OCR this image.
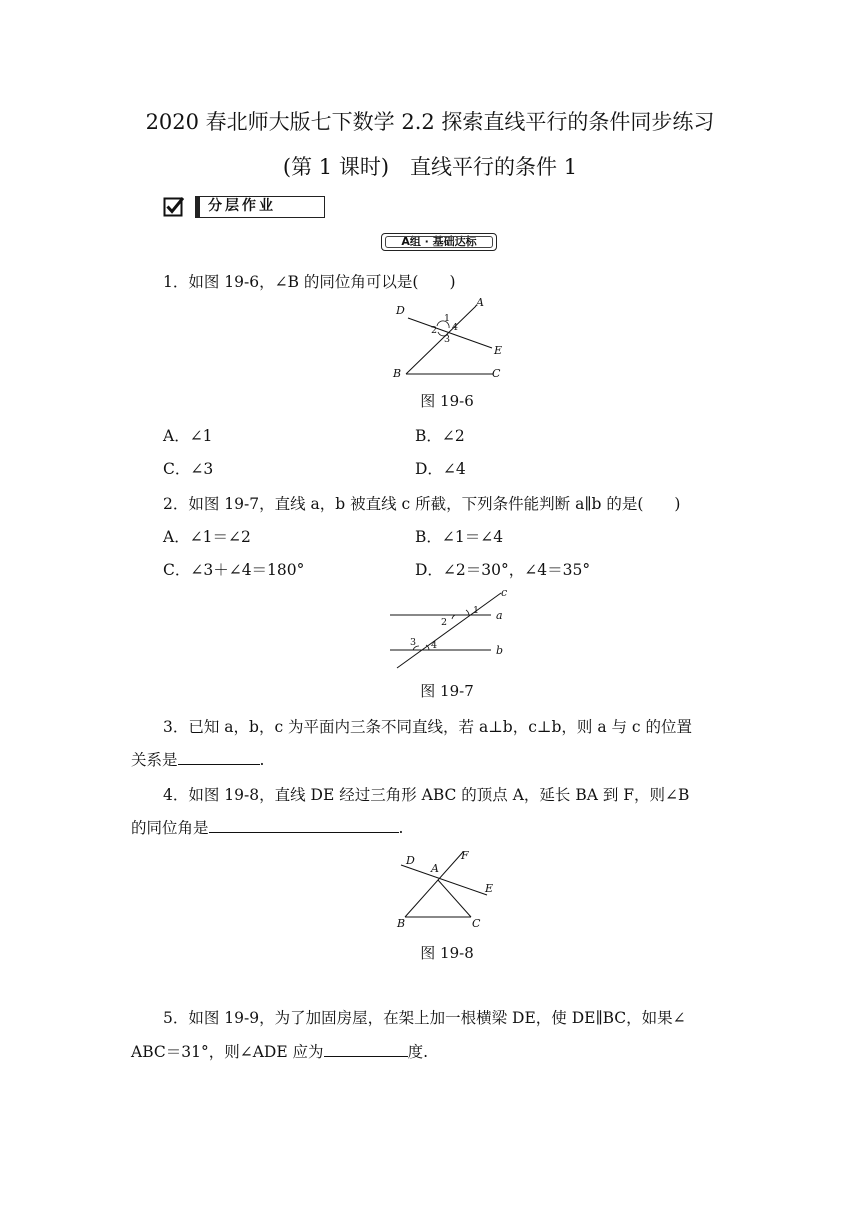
2020 春北师大版七下数学 2.2 探索直线平行的条件同步练习
(第 1 课时)　直线平行的条件 1
分层作业
A组 · 基础达标
1．如图 19-6，∠B 的同位角可以是(　　)
D
A
E
B	C
1
2
3
4
图 19-6
A．∠1	B．∠2
C．∠3	D．∠4
2．如图 19-7，直线 a，b 被直线 c 所截，下列条件能判断 a∥b 的是(　　)
A．∠1＝∠2	B．∠1＝∠4
C．∠3＋∠4＝180°	D．∠2＝30°，∠4＝35°
c
a
b
1
2
3 4
图 19-7
3．已知 a，b，c 为平面内三条不同直线，若 a⊥b，c⊥b，则 a 与 c 的位置
关系是	.
4．如图 19-8，直线 DE 经过三角形 ABC 的顶点 A，延长 BA 到 F，则∠B
的同位角是	.
D
A
F
E
B	C
图 19-8
5．如图 19-9，为了加固房屋，在架上加一根横梁 DE，使 DE∥BC，如果∠
ABC＝31°，则∠ADE 应为	度.
